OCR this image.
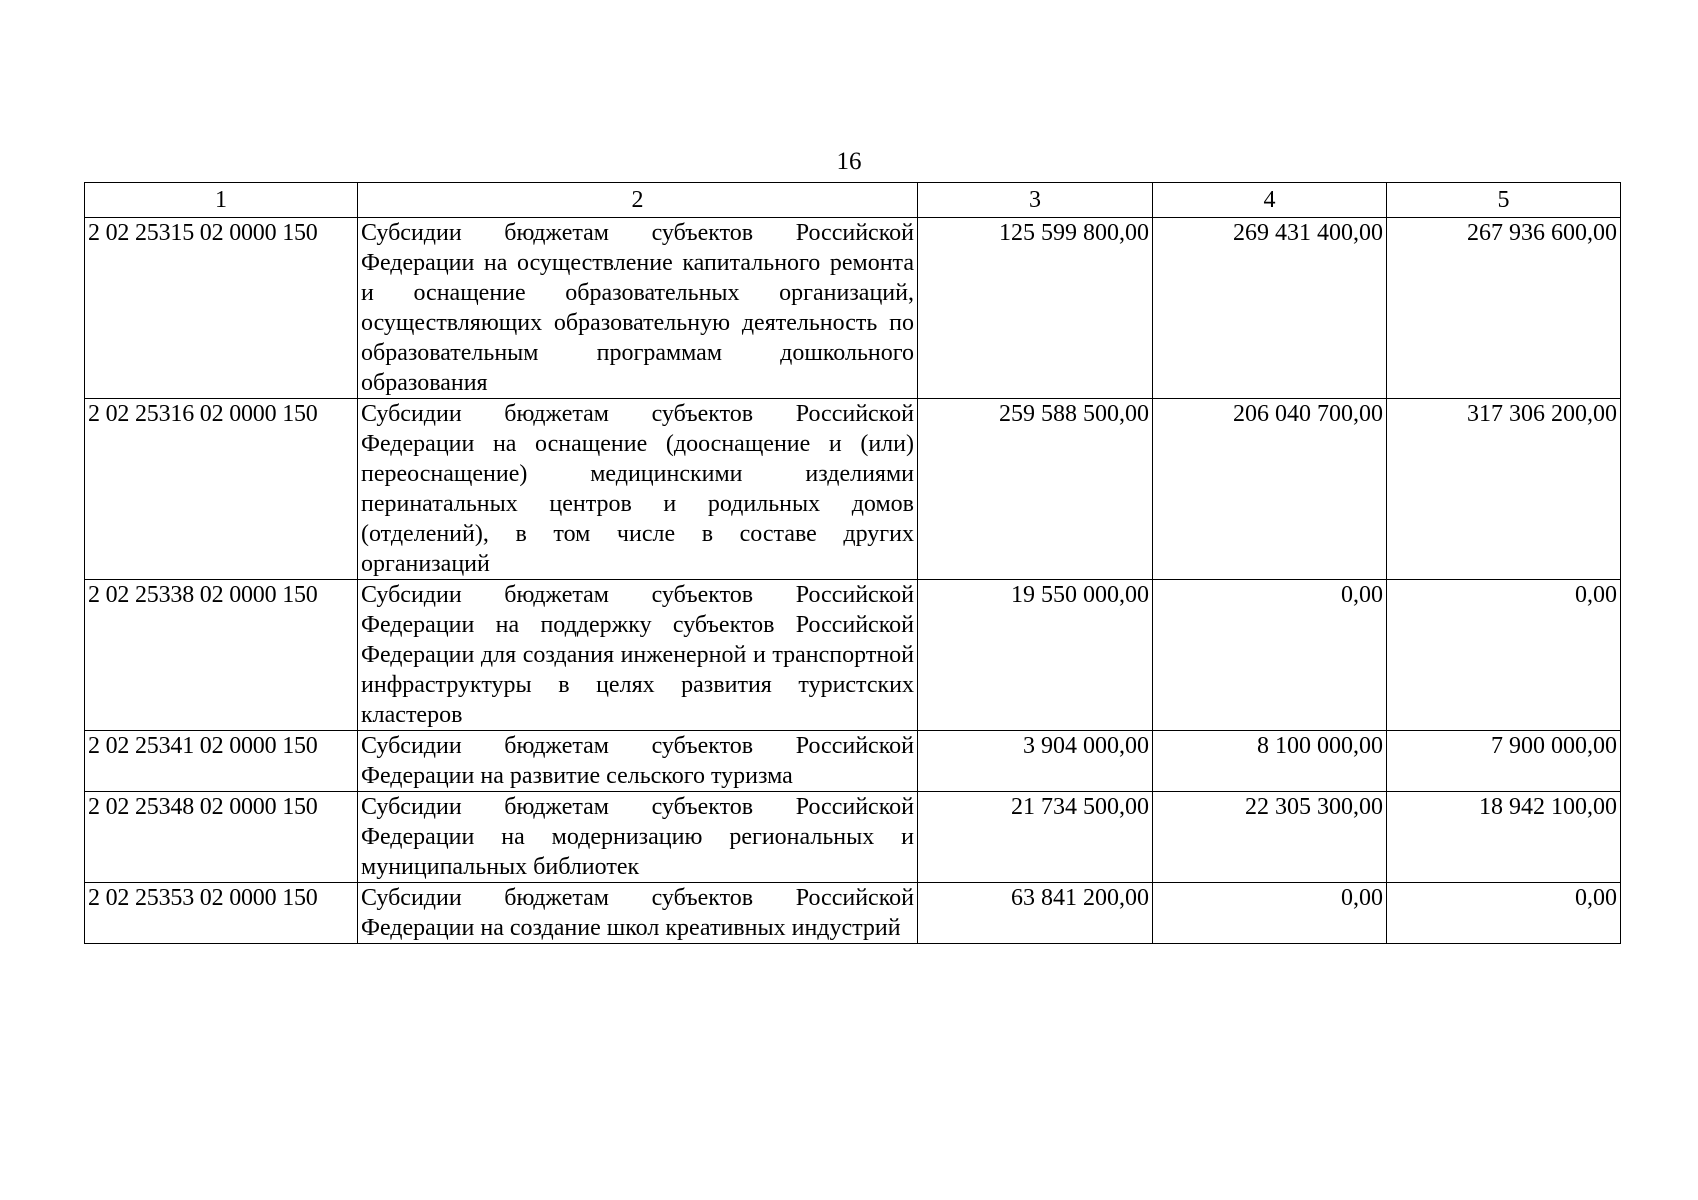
16
1	2	3	4	5
2 02 25315 02 0000 150	Субсидии бюджетам субъектов Российской Федерации на осуществление капитального ремонта и оснащение образовательных организаций, осуществляющих образовательную деятельность по образовательным программам дошкольного образования	125 599 800,00	269 431 400,00	267 936 600,00
2 02 25316 02 0000 150	Субсидии бюджетам субъектов Российской Федерации на оснащение (дооснащение и (или) переоснащение) медицинскими изделиями перинатальных центров и родильных домов (отделений), в том числе в составе других организаций	259 588 500,00	206 040 700,00	317 306 200,00
2 02 25338 02 0000 150	Субсидии бюджетам субъектов Российской Федерации на поддержку субъектов Российской Федерации для создания инженерной и транспортной инфраструктуры в целях развития туристских кластеров	19 550 000,00	0,00	0,00
2 02 25341 02 0000 150	Субсидии бюджетам субъектов Российской Федерации на развитие сельского туризма	3 904 000,00	8 100 000,00	7 900 000,00
2 02 25348 02 0000 150	Субсидии бюджетам субъектов Российской Федерации на модернизацию региональных и муниципальных библиотек	21 734 500,00	22 305 300,00	18 942 100,00
2 02 25353 02 0000 150	Субсидии бюджетам субъектов Российской Федерации на создание школ креативных индустрий	63 841 200,00	0,00	0,00
